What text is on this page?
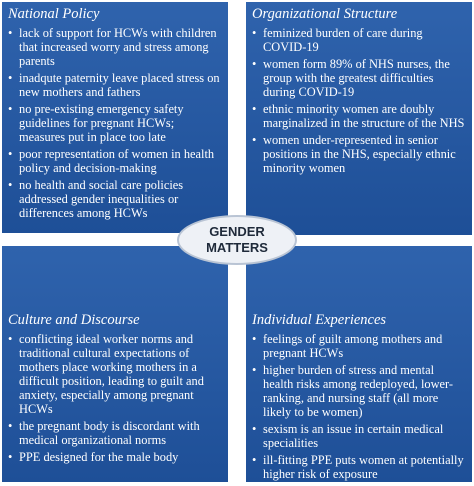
National Policy
• lack of support for HCWs with children that increased worry and stress among parents
• inadqute paternity leave placed stress on new mothers and fathers
• no pre-existing emergency safety guidelines for pregnant HCWs; measures put in place too late
• poor representation of women in health policy and decision-making
• no health and social care policies addressed gender inequalities or differences among HCWs
Organizational Structure
• feminized burden of care during COVID-19
• women form 89% of NHS nurses, the group with the greatest difficulties during COVID-19
• ethnic minority women are doubly marginalized in the structure of the NHS
• women under-represented in senior positions in the NHS, especially ethnic minority women
Culture and Discourse
• conflicting ideal worker norms and traditional cultural expectations of mothers place working mothers in a difficult position, leading to guilt and anxiety, especially among pregnant HCWs
• the pregnant body is discordant with medical organizational norms
• PPE designed for the male body
Individual Experiences
• feelings of guilt among mothers and pregnant HCWs
• higher burden of stress and mental health risks among redeployed, lower-ranking, and nursing staff (all more likely to be women)
• sexism is an issue in certain medical specialities
• ill-fitting PPE puts women at potentially higher risk of exposure
GENDER
MATTERS
